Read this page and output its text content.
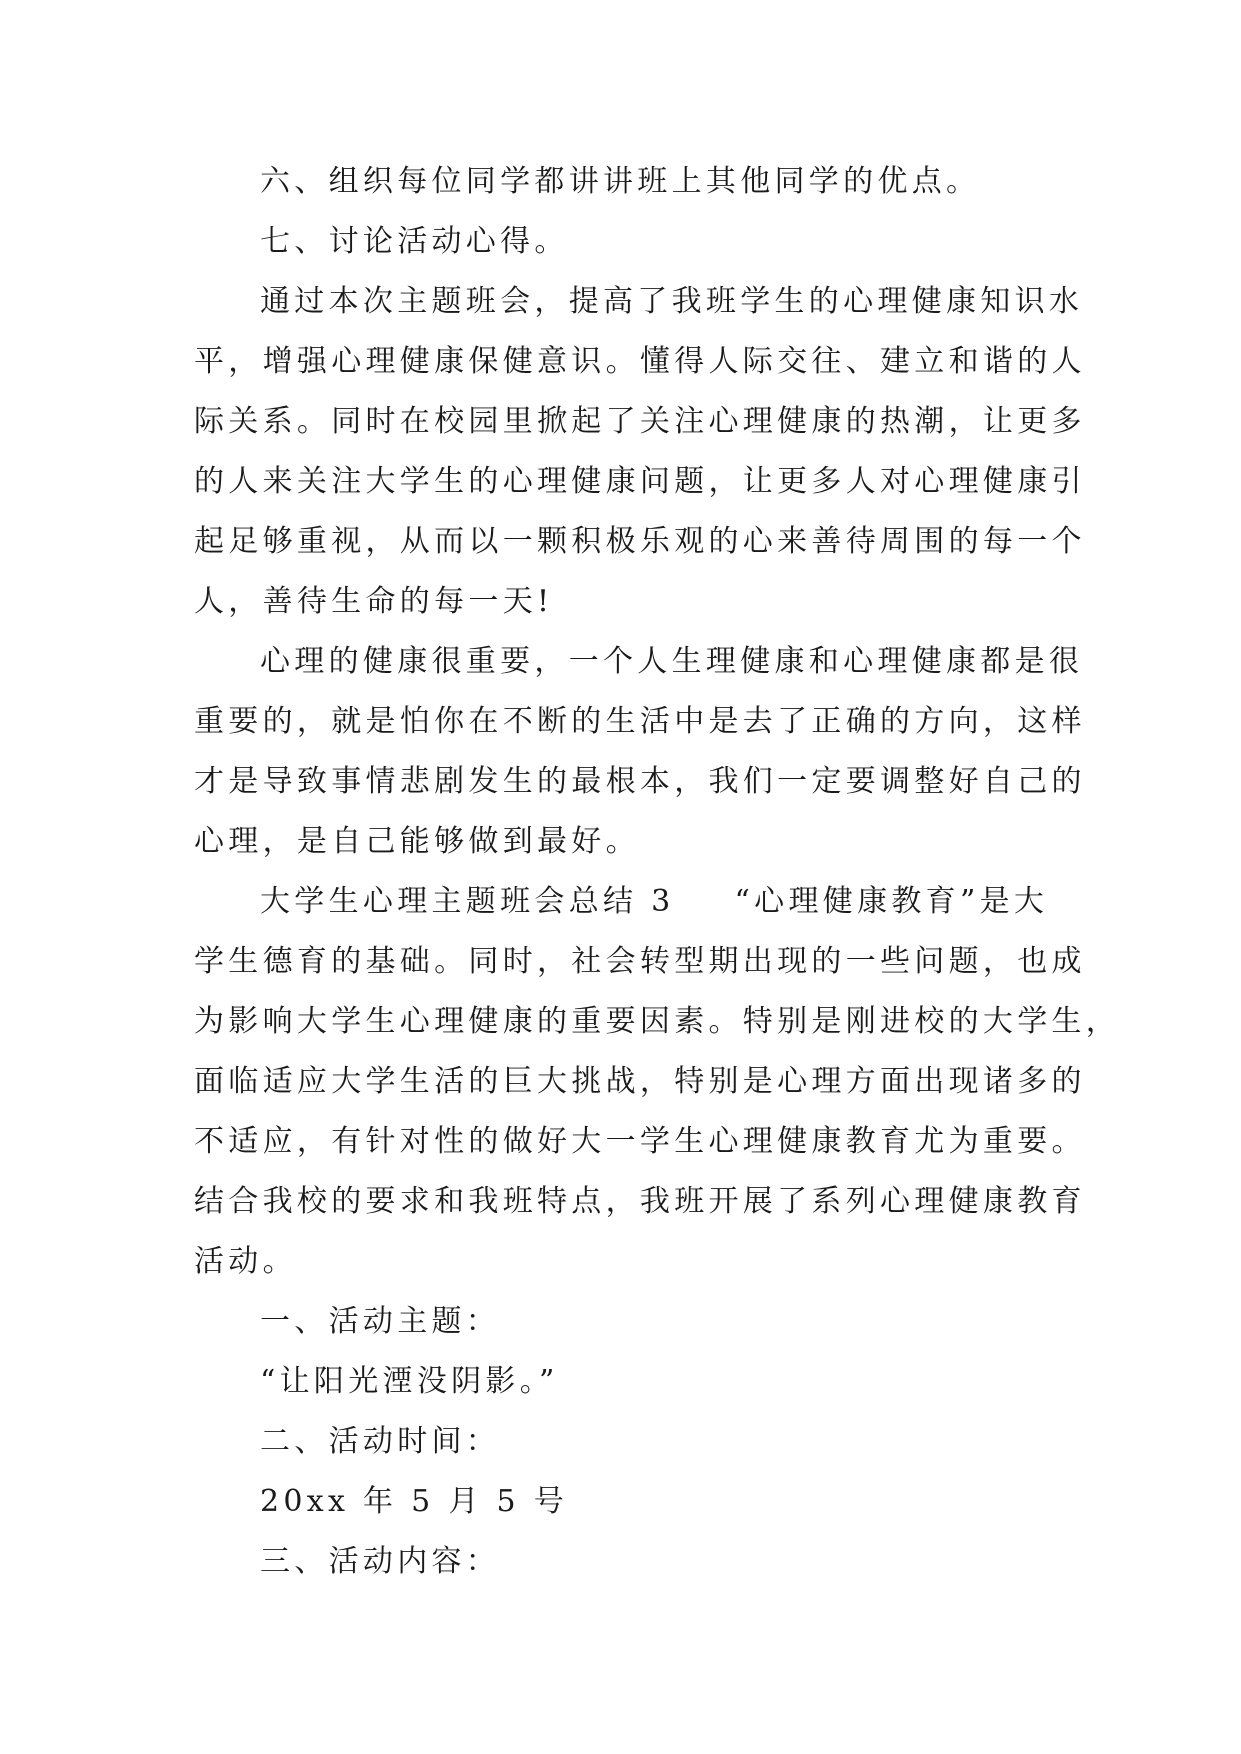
六、组织每位同学都讲讲班上其他同学的优点。

七、讨论活动心得。

通过本次主题班会，提高了我班学生的心理健康知识水
平，增强心理健康保健意识。懂得人际交往、建立和谐的人
际关系。同时在校园里掀起了关注心理健康的热潮，让更多
的人来关注大学生的心理健康问题，让更多人对心理健康引
起足够重视，从而以一颗积极乐观的心来善待周围的每一个
人，善待生命的每一天!

心理的健康很重要，一个人生理健康和心理健康都是很
重要的，就是怕你在不断的生活中是去了正确的方向，这样
才是导致事情悲剧发生的最根本，我们一定要调整好自己的
心理，是自己能够做到最好。

大学生心理主题班会总结 3 “心理健康教育”是大
学生德育的基础。同时，社会转型期出现的一些问题，也成
为影响大学生心理健康的重要因素。特别是刚进校的大学生，
面临适应大学生活的巨大挑战，特别是心理方面出现诸多的
不适应，有针对性的做好大一学生心理健康教育尤为重要。
结合我校的要求和我班特点，我班开展了系列心理健康教育
活动。

一、活动主题：

“让阳光湮没阴影。”

二、活动时间：

20xx 年 5 月 5 号

三、活动内容：
